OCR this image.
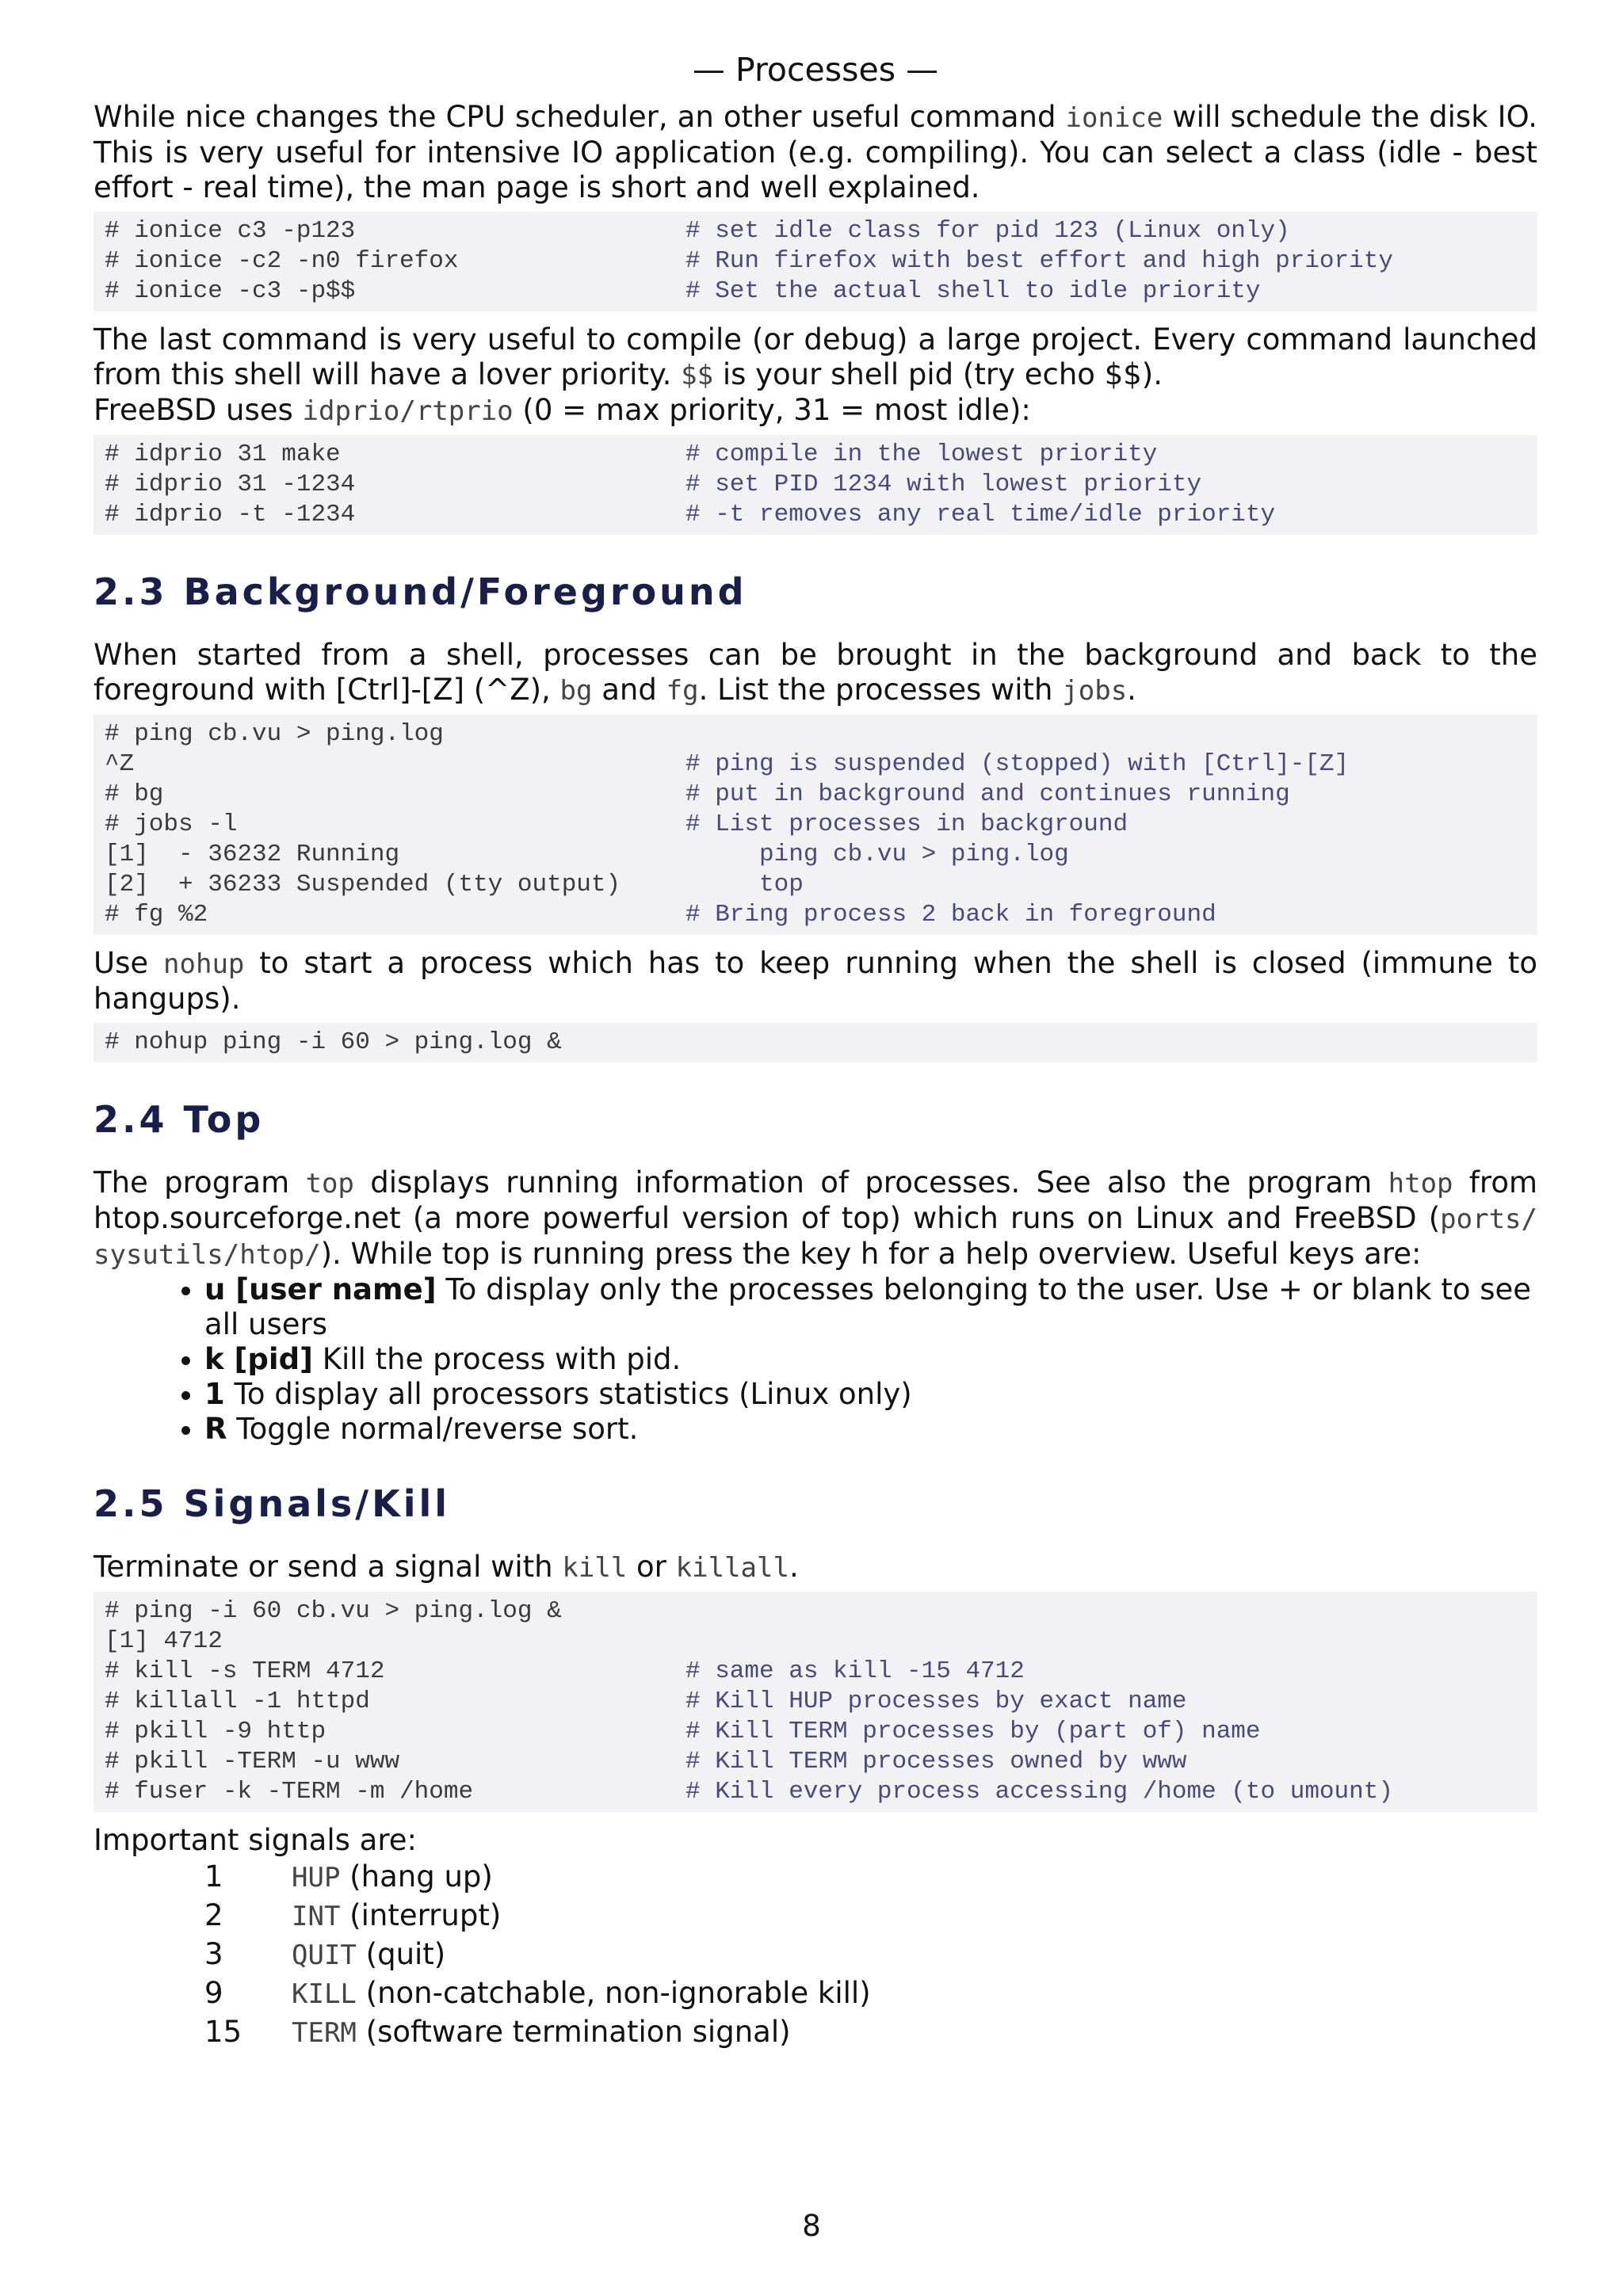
— Processes —

While nice changes the CPU scheduler, an other useful command ionice will schedule the disk IO. This is very useful for intensive IO application (e.g. compiling). You can select a class (idle - best effort - real time), the man page is short and well explained.

# ionice c3 -p123	# set idle class for pid 123 (Linux only)
# ionice -c2 -n0 firefox	# Run firefox with best effort and high priority
# ionice -c3 -p$$	# Set the actual shell to idle priority

The last command is very useful to compile (or debug) a large project. Every command launched from this shell will have a lover priority. $$ is your shell pid (try echo $$).

FreeBSD uses idprio/rtprio (0 = max priority, 31 = most idle):

# idprio 31 make	# compile in the lowest priority
# idprio 31 -1234	# set PID 1234 with lowest priority
# idprio -t -1234	# -t removes any real time/idle priority
2.3 Background/Foreground

When started from a shell, processes can be brought in the background and back to the foreground with [Ctrl]-[Z] (^Z), bg and fg. List the processes with jobs.

# ping cb.vu > ping.log
^Z	# ping is suspended (stopped) with [Ctrl]-[Z]
# bg	# put in background and continues running
# jobs -l	# List processes in background
[1]  - 36232 Running	ping cb.vu > ping.log
[2]  + 36233 Suspended (tty output)	top
# fg %2	# Bring process 2 back in foreground

Use nohup to start a process which has to keep running when the shell is closed (immune to hangups).

# nohup ping -i 60 > ping.log &
2.4 Top

The program top displays running information of processes. See also the program htop from htop.sourceforge.net (a more powerful version of top) which runs on Linux and FreeBSD (ports/ sysutils/htop/). While top is running press the key h for a help overview. Useful keys are:

• u [user name] To display only the processes belonging to the user. Use + or blank to see all users
• k [pid] Kill the process with pid.
• 1 To display all processors statistics (Linux only)
• R Toggle normal/reverse sort.
2.5 Signals/Kill

Terminate or send a signal with kill or killall.

# ping -i 60 cb.vu > ping.log &
[1] 4712
# kill -s TERM 4712	# same as kill -15 4712
# killall -1 httpd	# Kill HUP processes by exact name
# pkill -9 http	# Kill TERM processes by (part of) name
# pkill -TERM -u www	# Kill TERM processes owned by www
# fuser -k -TERM -m /home	# Kill every process accessing /home (to umount)

Important signals are:

1	HUP (hang up)
2	INT (interrupt)
3	QUIT (quit)
9	KILL (non-catchable, non-ignorable kill)
15 TERM (software termination signal)
8
